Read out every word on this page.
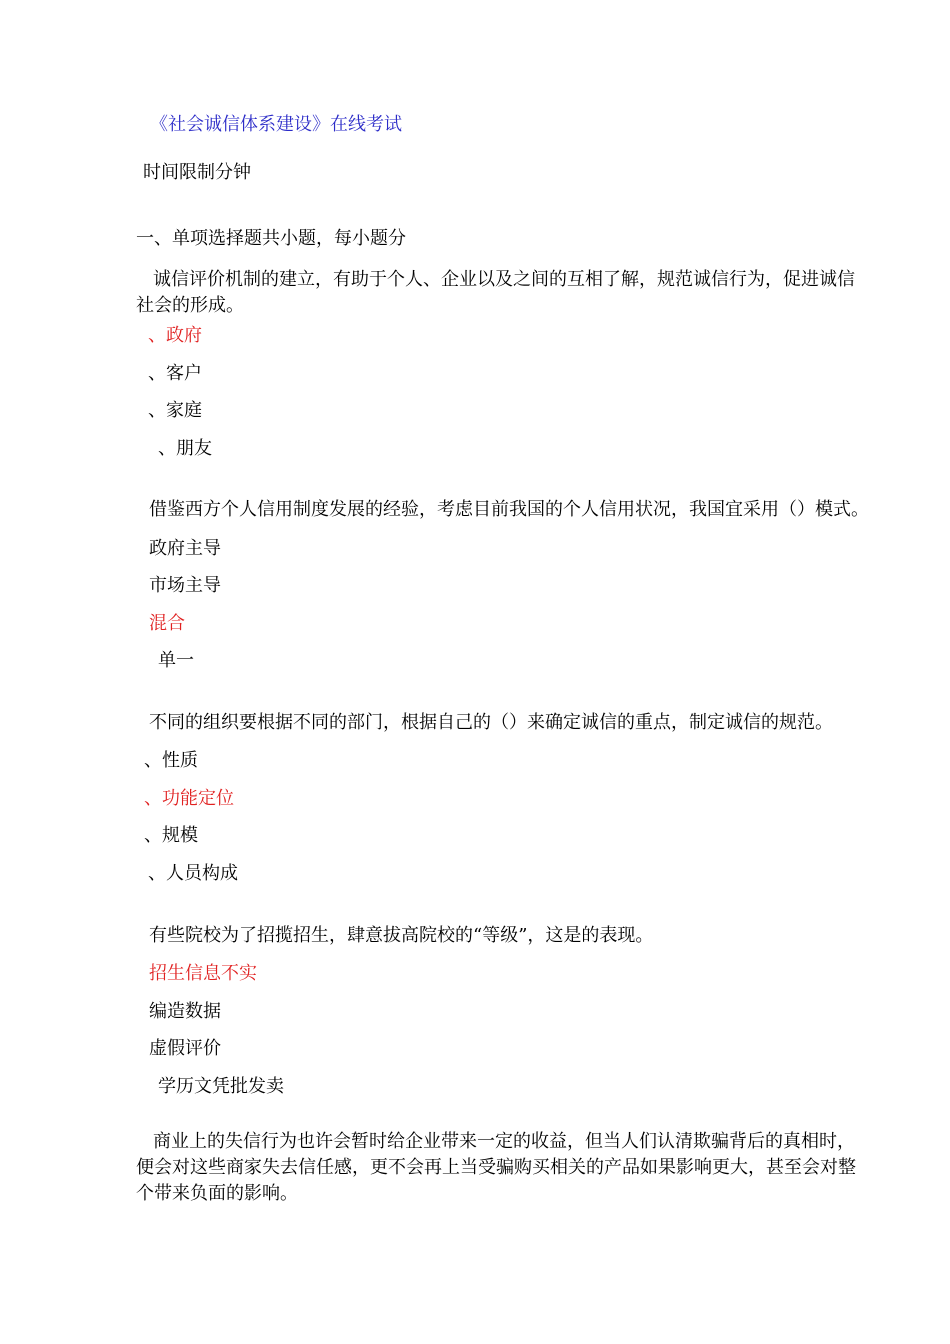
《社会诚信体系建设》在线考试
时间限制分钟
一、单项选择题共小题，每小题分
诚信评价机制的建立，有助于个人、企业以及之间的互相了解，规范诚信行为，促进诚信
社会的形成。
、政府
、客户
、家庭
、朋友
借鉴西方个人信用制度发展的经验，考虑目前我国的个人信用状况，我国宜采用（）模式。
政府主导
市场主导
混合
单一
不同的组织要根据不同的部门，根据自己的（）来确定诚信的重点，制定诚信的规范。
、性质
、功能定位
、规模
、人员构成
有些院校为了招揽招生，肆意拔高院校的“等级”，这是的表现。
招生信息不实
编造数据
虚假评价
学历文凭批发卖
商业上的失信行为也许会暂时给企业带来一定的收益，但当人们认清欺骗背后的真相时，
便会对这些商家失去信任感，更不会再上当受骗购买相关的产品如果影响更大，甚至会对整
个带来负面的影响。
